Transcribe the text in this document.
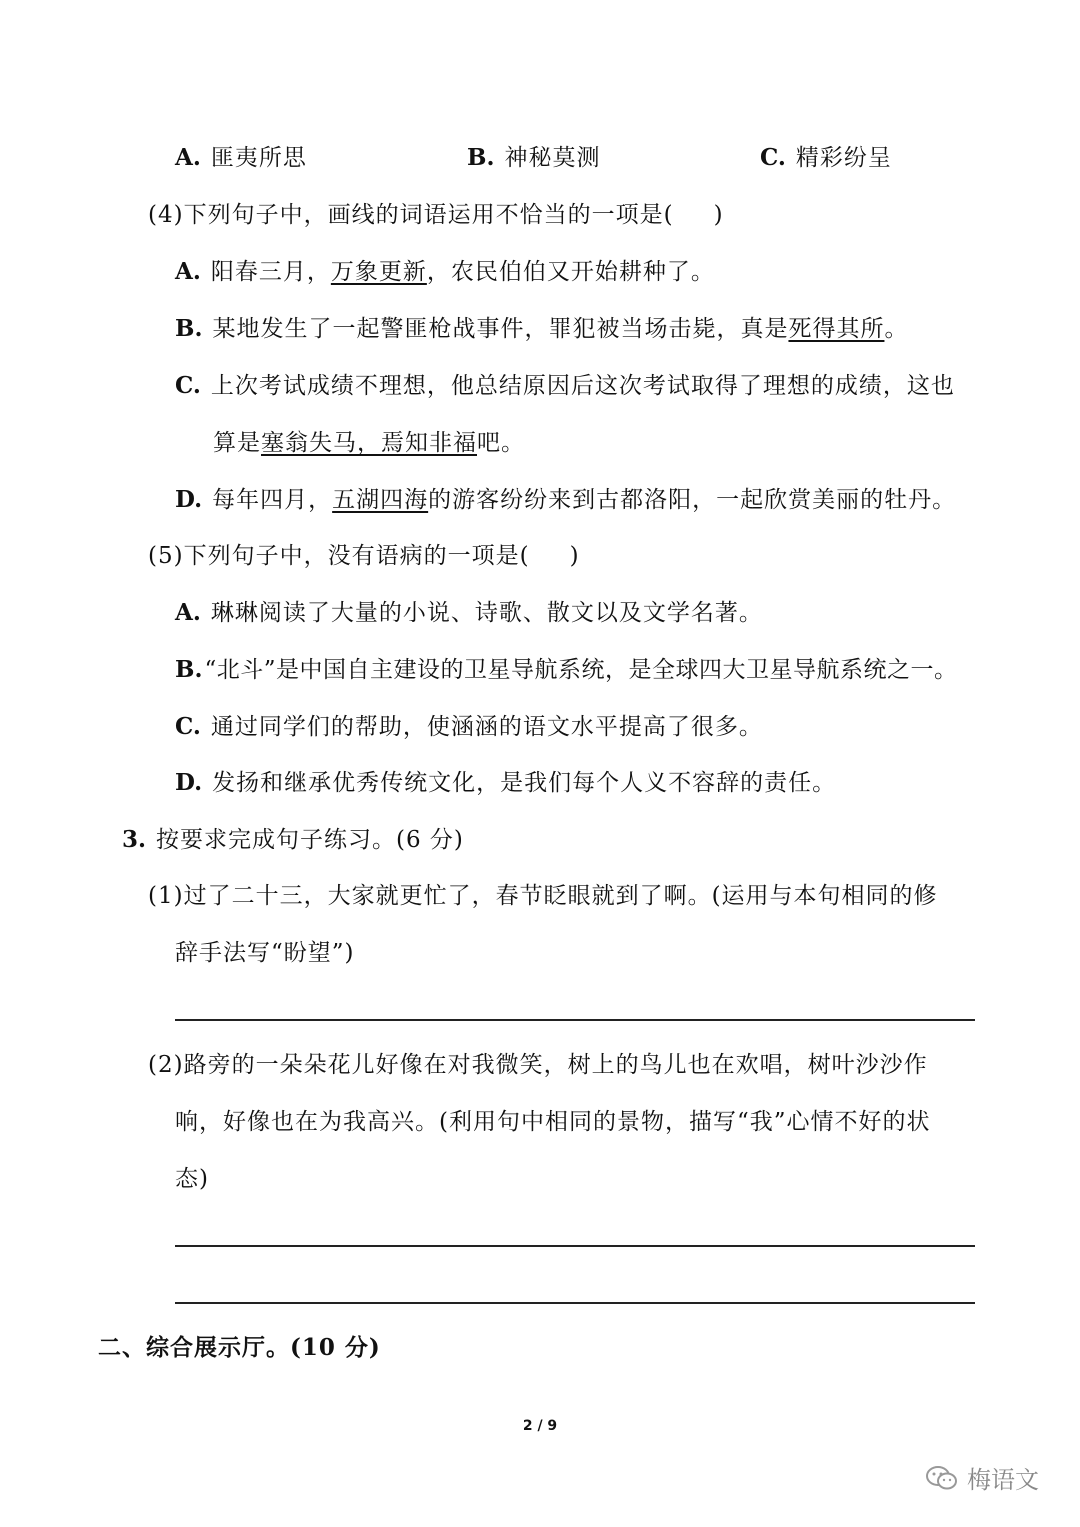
A. 匪夷所思	B. 神秘莫测	C. 精彩纷呈
(4)下列句子中，画线的词语运用不恰当的一项是( )
A. 阳春三月，万象更新，农民伯伯又开始耕种了。
B. 某地发生了一起警匪枪战事件，罪犯被当场击毙，真是死得其所。
C. 上次考试成绩不理想，他总结原因后这次考试取得了理想的成绩，这也
算是塞翁失马，焉知非福吧。
D. 每年四月，五湖四海的游客纷纷来到古都洛阳，一起欣赏美丽的牡丹。
(5)下列句子中，没有语病的一项是( )
A. 琳琳阅读了大量的小说、诗歌、散文以及文学名著。
B.“北斗”是中国自主建设的卫星导航系统，是全球四大卫星导航系统之一。
C. 通过同学们的帮助，使涵涵的语文水平提高了很多。
D. 发扬和继承优秀传统文化，是我们每个人义不容辞的责任。
3. 按要求完成句子练习。(6 分)
(1)过了二十三，大家就更忙了，春节眨眼就到了啊。(运用与本句相同的修
辞手法写“盼望”)
(2)路旁的一朵朵花儿好像在对我微笑，树上的鸟儿也在欢唱，树叶沙沙作
响，好像也在为我高兴。(利用句中相同的景物，描写“我”心情不好的状
态)
二、综合展示厅。(10 分)
2 / 9
梅语文
